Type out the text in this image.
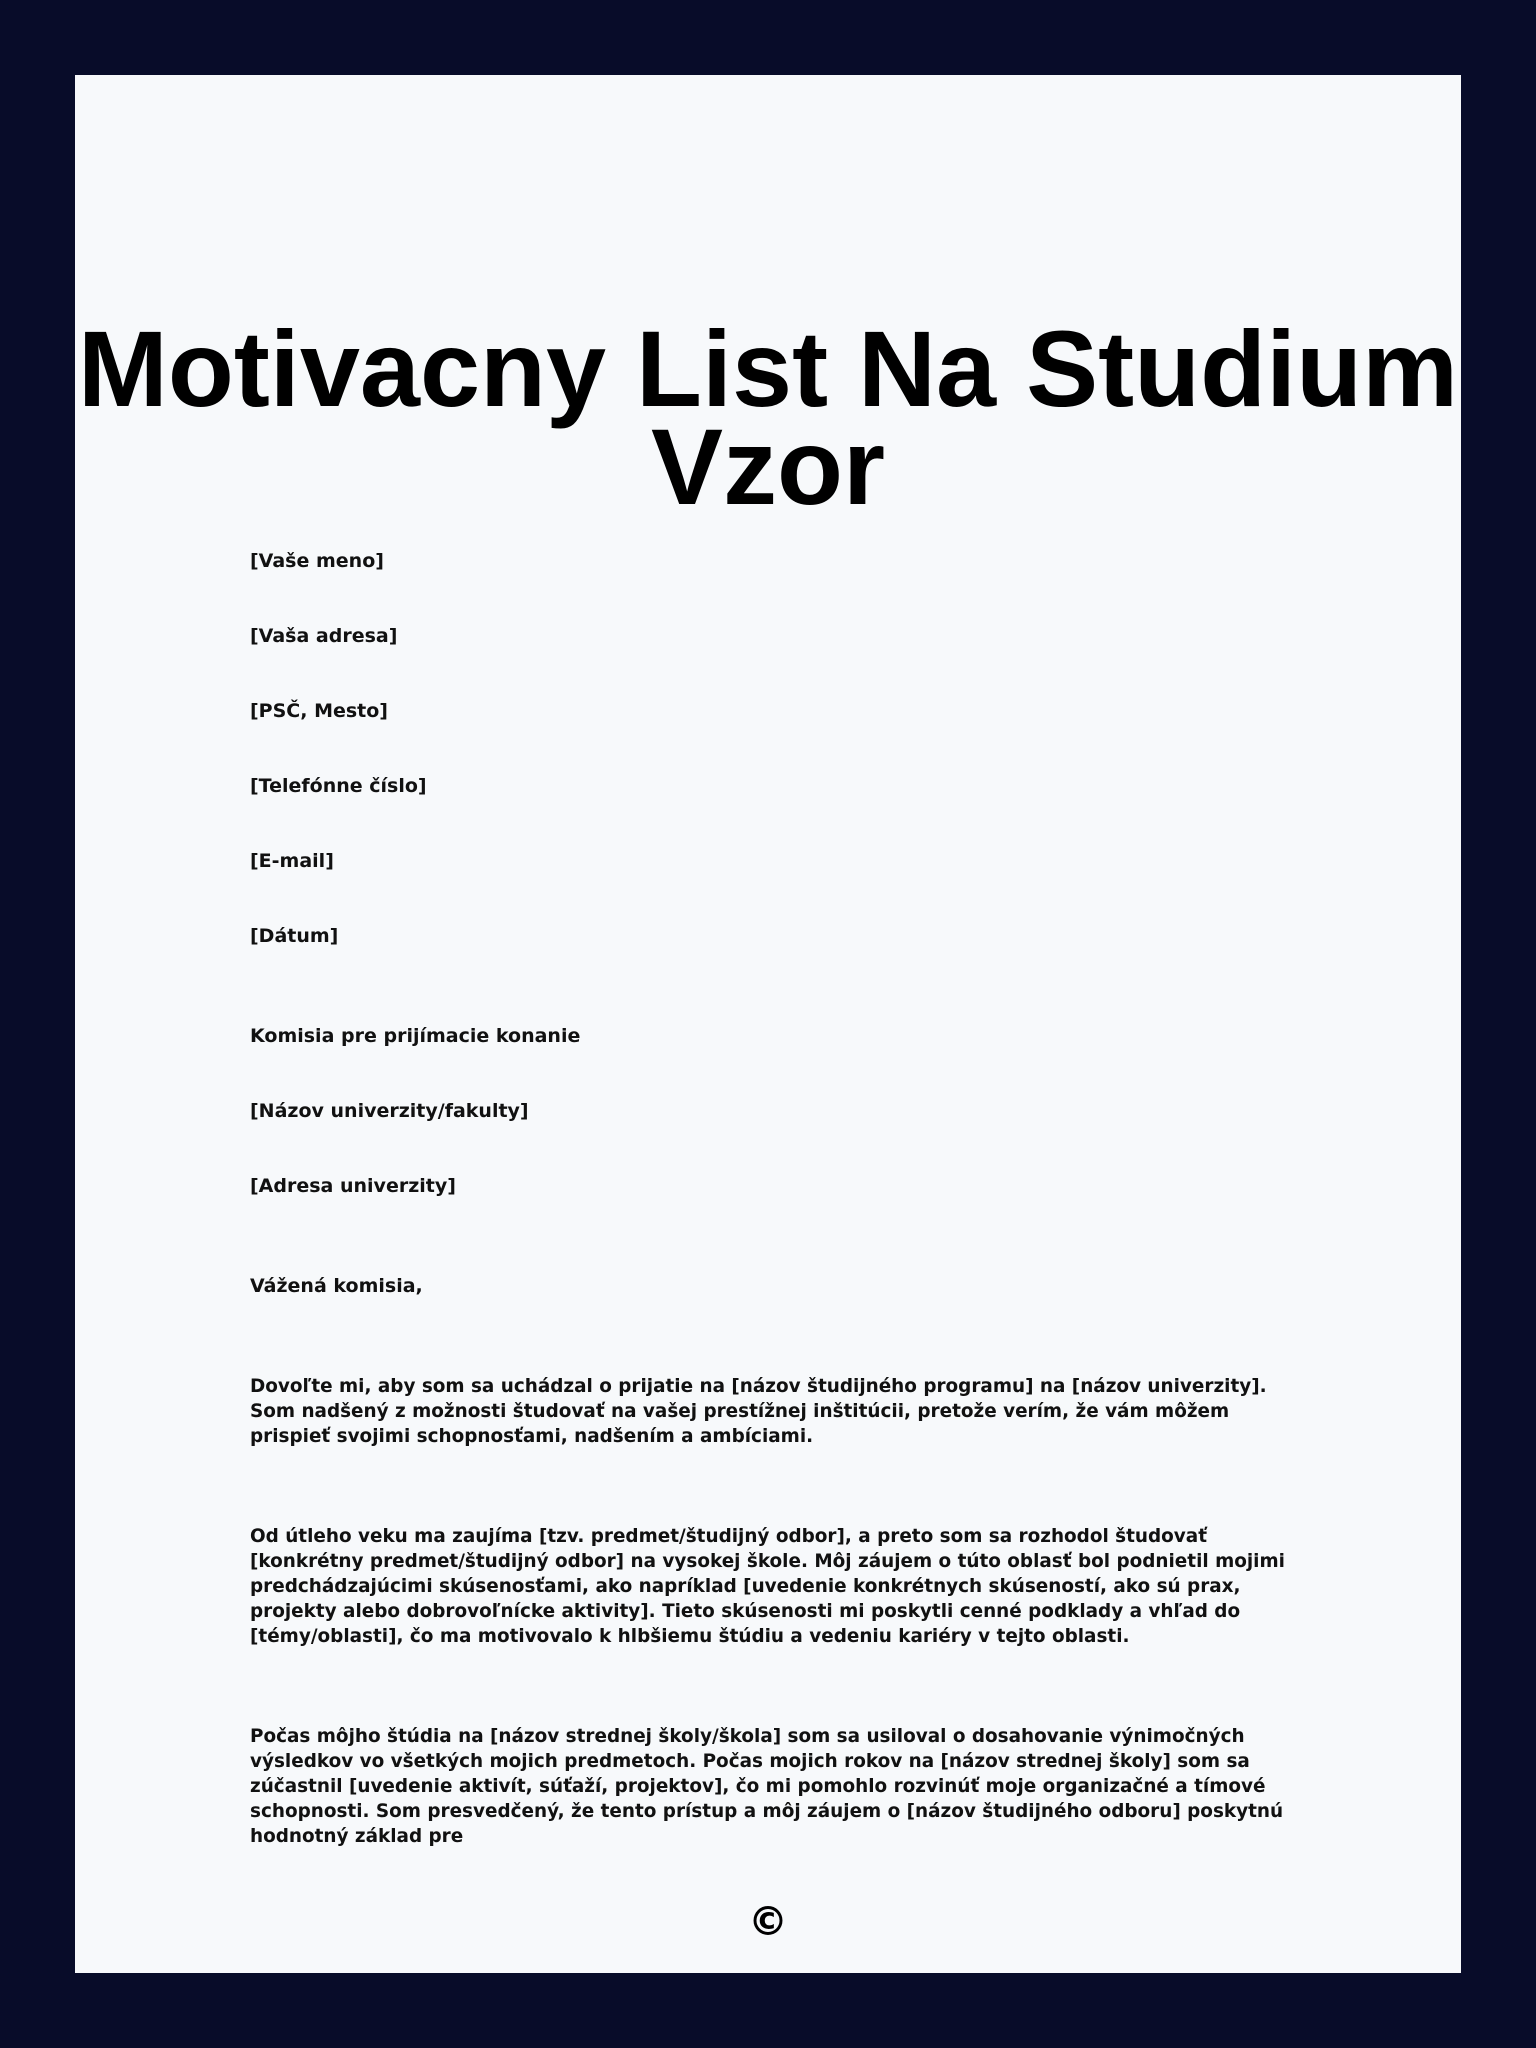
Motivacny List Na Studium Vzor

[Vaše meno]

[Vaša adresa]

[PSČ, Mesto]

[Telefónne číslo]

[E-mail]

[Dátum]

Komisia pre prijímacie konanie

[Názov univerzity/fakulty]

[Adresa univerzity]

Vážená komisia,

Dovoľte mi, aby som sa uchádzal o prijatie na [názov študijného programu] na [názov univerzity]. Som nadšený z možnosti študovať na vašej prestížnej inštitúcii, pretože verím, že vám môžem prispieť svojimi schopnosťami, nadšením a ambíciami.

Od útleho veku ma zaujíma [tzv. predmet/študijný odbor], a preto som sa rozhodol študovať [konkrétny predmet/študijný odbor] na vysokej škole. Môj záujem o túto oblasť bol podnietil mojimi predchádzajúcimi skúsenosťami, ako napríklad [uvedenie konkrétnych skúseností, ako sú prax, projekty alebo dobrovoľnícke aktivity]. Tieto skúsenosti mi poskytli cenné podklady a vhľad do [témy/oblasti], čo ma motivovalo k hlbšiemu štúdiu a vedeniu kariéry v tejto oblasti.

Počas môjho štúdia na [názov strednej školy/škola] som sa usiloval o dosahovanie výnimočných výsledkov vo všetkých mojich predmetoch. Počas mojich rokov na [názov strednej školy] som sa zúčastnil [uvedenie aktivít, súťaží, projektov], čo mi pomohlo rozvinúť moje organizačné a tímové schopnosti. Som presvedčený, že tento prístup a môj záujem o [názov študijného odboru] poskytnú hodnotný základ pre

©
